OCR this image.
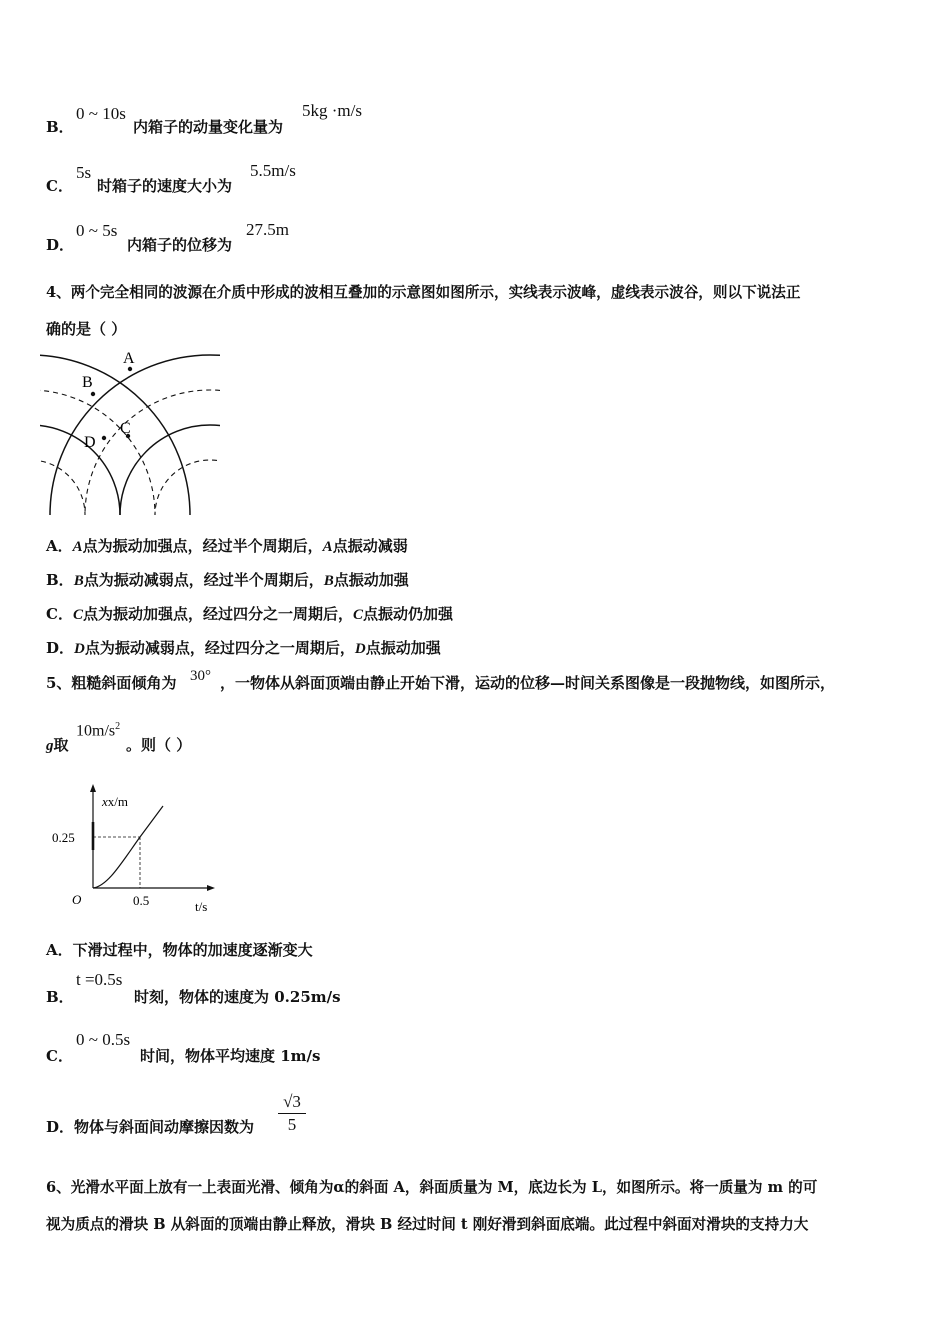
B．
0 ~ 10s
内箱子的动量变化量为
5kg ·m/s
C．
5s
时箱子的速度大小为
5.5m/s
D．
0 ~ 5s
内箱子的位移为
27.5m
4、两个完全相同的波源在介质中形成的波相互叠加的示意图如图所示，实线表示波峰，虚线表示波谷，则以下说法正
确的是（ ）
A
B
C
D
A．A点为振动加强点，经过半个周期后，A点振动减弱
B．B点为振动减弱点，经过半个周期后，B点振动加强
C．C点为振动加强点，经过四分之一周期后，C点振动仍加强
D．D点为振动减弱点，经过四分之一周期后，D点振动加强
5、粗糙斜面倾角为 30° ，一物体从斜面顶端由静止开始下滑，运动的位移—时间关系图像是一段抛物线，如图所示，
g取
$10m/s^2$
。则（ ）
xx/m
0.25
O	0.5	t/s
A．下滑过程中，物体的加速度逐渐变大
B．
t =0.5s
时刻，物体的速度为 0.25m/s
C．
0 ~ 0.5s
时间，物体平均速度 1m/s
D．物体与斜面间动摩擦因数为
√3
5
6、光滑水平面上放有一上表面光滑、倾角为α的斜面 A，斜面质量为 M，底边长为 L，如图所示。将一质量为 m 的可
视为质点的滑块 B 从斜面的顶端由静止释放，滑块 B 经过时间 t 刚好滑到斜面底端。此过程中斜面对滑块的支持力大
